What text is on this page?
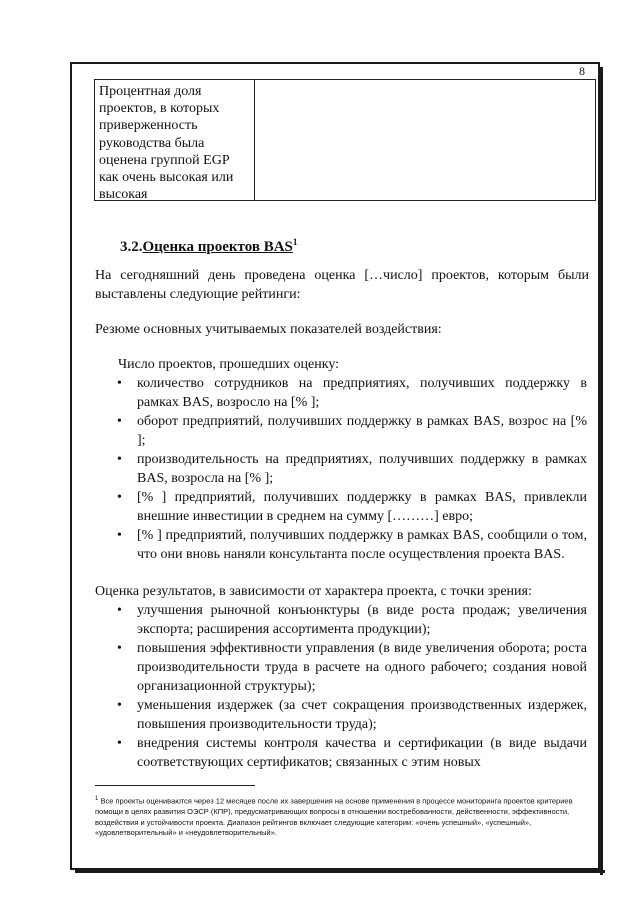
8
Процентная доля проектов, в которых приверженность руководства была оценена группой EGP как очень высокая или высокая
3.2.Оценка проектов BAS$^1$
На сегодняшний день проведена оценка […число] проектов, которым были выставлены следующие рейтинги:
Резюме основных учитываемых показателей воздействия:
Число проектов, прошедших оценку:
• количество сотрудников на предприятиях, получивших поддержку в рамках BAS, возросло на [% ];
• оборот предприятий, получивших поддержку в рамках BAS, возрос на [% ];
• производительность на предприятиях, получивших поддержку в рамках BAS, возросла на [% ];
• [% ] предприятий, получивших поддержку в рамках BAS, привлекли внешние инвестиции в среднем на сумму [………] евро;
• [% ] предприятий, получивших поддержку в рамках BAS, сообщили о том, что они вновь наняли консультанта после осуществления проекта BAS.
Оценка результатов, в зависимости от характера проекта, с точки зрения:
• улучшения рыночной конъюнктуры (в виде роста продаж; увеличения экспорта; расширения ассортимента продукции);
• повышения эффективности управления (в виде увеличения оборота; роста производительности труда в расчете на одного рабочего; создания новой организационной структуры);
• уменьшения издержек (за счет сокращения производственных издержек, повышения производительности труда);
• внедрения системы контроля качества и сертификации (в виде выдачи соответствующих сертификатов; связанных с этим новых
$^1$ Все проекты оцениваются через 12 месяцев после их завершения на основе применения в процессе мониторинга проектов критериев помощи в целях развития ОЭСР (КПР), предусматривающих вопросы в отношении востребованности, действенности, эффективности, воздействия и устойчивости проекта. Диапазон рейтингов включает следующие категории: «очень успешный», «успешный», «удовлетворительный» и «неудовлетворительный».
